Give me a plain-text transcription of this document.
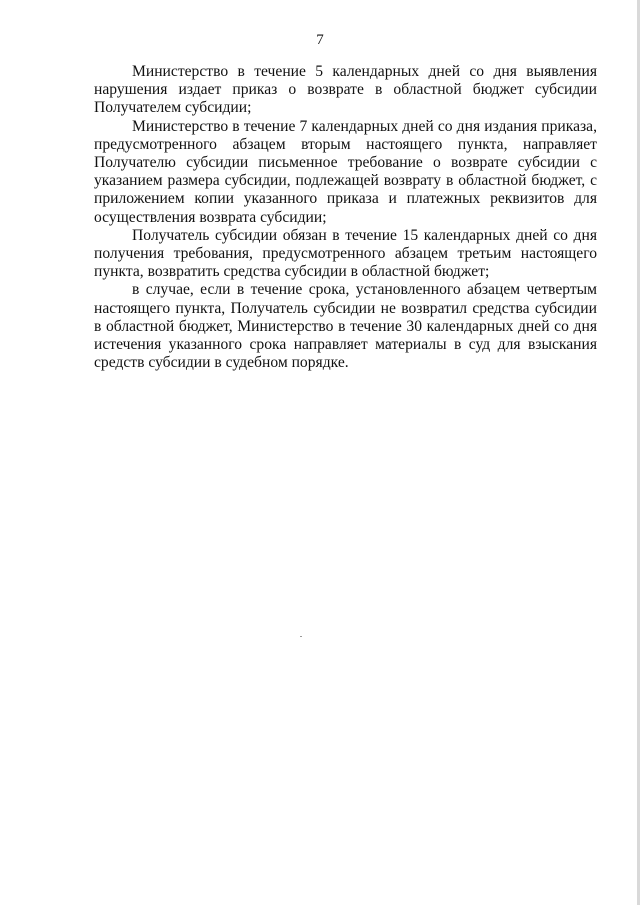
7

Министерство в течение 5 календарных дней со дня выявления нарушения издает приказ о возврате в областной бюджет субсидии Получателем субсидии;

Министерство в течение 7 календарных дней со дня издания приказа, предусмотренного абзацем вторым настоящего пункта, направляет Получателю субсидии письменное требование о возврате субсидии с указанием размера субсидии, подлежащей возврату в областной бюджет, с приложением копии указанного приказа и платежных реквизитов для осуществления возврата субсидии;

Получатель субсидии обязан в течение 15 календарных дней со дня получения требования, предусмотренного абзацем третьим настоящего пункта, возвратить средства субсидии в областной бюджет;

в случае, если в течение срока, установленного абзацем четвертым настоящего пункта, Получатель субсидии не возвратил средства субсидии в областной бюджет, Министерство в течение 30 календарных дней со дня истечения указанного срока направляет материалы в суд для взыскания средств субсидии в судебном порядке.
